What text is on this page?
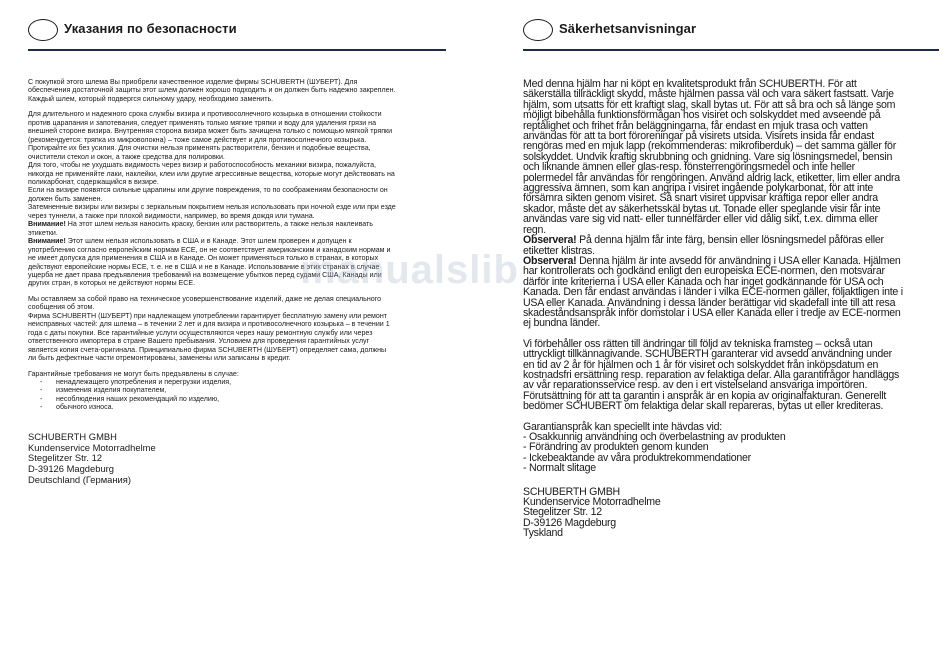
Указания по безопасности

С покупкой этого шлема Вы приобрели качественное изделие фирмы SCHUBERTH (ШУБЕРТ). Для обеспечения достаточной защиты этот шлем должен хорошо подходить и он должен быть надежно закреплен. Каждый шлем, который подвергся сильному удару, необходимо заменить.

Для длительного и надежного срока службы визира и противосолнечного козырька в отношении стойкости против царапания и запотевания, следует применять только мягкие тряпки и воду для удаления грязи на внешней стороне визира. Внутренняя сторона визира может быть зачищена только с помощью мягкой тряпки (рекомендуется: тряпка из микроволокна) – тоже самое действует и для противосолнечного козырька. Протирайте их без усилия. Для очистки нельзя применять растворители, бензин и подобные вещества, очистители стекол и окон, а также средства для полировки.

Для того, чтобы не ухудшать видимость через визир и работоспособность механики визира, пожалуйста, никогда не применяйте лаки, наклейки, клеи или другие агрессивные вещества, которые могут действовать на поликарбонат, содержащийся в визире.

Если на визире появятся сильные царапины или другие повреждения, то по соображениям безопасности он должен быть заменен.

Затемненные визиры или визиры с зеркальным покрытием нельзя использовать при ночной езде или при езде через туннели, а также при плохой видимости, например, во время дождя или тумана.

Внимание! На этот шлем нельзя наносить краску, бензин или растворитель, а также нельзя наклеивать этикетки.

Внимание! Этот шлем нельзя использовать в США и в Канаде. Этот шлем проверен и допущен к употреблению согласно европейским нормам ECE, он не соответствует американским и канадским нормам и не имеет допуска для применения в США и в Канаде. Он может применяться только в странах, в которых действуют европейские нормы ECE, т. е. не в США и не в Канаде. Использование в этих странах в случае ущерба не дает права предъявления требований на возмещение убытков перед судами США, Канады или других стран, в которых не действуют нормы ECE.

Мы оставляем за собой право на техническое усовершенствование изделий, даже не делая специального сообщения об этом.

Фирма SCHUBERTH (ШУБЕРТ) при надлежащем употреблении гарантирует бесплатную замену или ремонт неисправных частей: для шлема – в течении 2 лет и для визира и противосолнечного козырька – в течении 1 года с даты покупки. Все гарантийные услуги осуществляются через нашу ремонтную службу или через ответственного импортера в стране Вашего пребывания. Условием для проведения гарантийных услуг является копия счета-оригинала. Принципиально фирма SCHUBERTH (ШУБЕРТ) определяет сама, должны ли быть дефектные части отремонтированы, заменены или записаны в кредит.

Гарантийные требования не могут быть предъявлены в случае:

- ненадлежащего употребления и перегрузки изделия,
- изменения изделия покупателем,
- несоблюдения наших рекомендаций по изделию,
- обычного износа.
SCHUBERTH GMBH
Kundenservice Motorradhelme
Stegelitzer Str. 12
D-39126 Magdeburg
Deutschland (Германия)
Säkerhetsanvisningar

Med denna hjälm har ni köpt en kvalitetsprodukt från SCHUBERTH. För att säkerställa tillräckligt skydd, måste hjälmen passa väl och vara säkert fastsatt. Varje hjälm, som utsatts för ett kraftigt slag, skall bytas ut. För att så bra och så länge som möjligt bibehålla funktionsförmågan hos visiret och solskyddet med avseende på reptålighet och frihet från beläggningarna, får endast en mjuk trasa och vatten användas för att ta bort föroreningar på visirets utsida. Visirets insida får endast rengöras med en mjuk lapp (rekommenderas: mikrofiberduk) – det samma gäller för solskyddet. Undvik kraftig skrubbning och gnidning. Vare sig lösningsmedel, bensin och liknande ämnen eller glas-resp. fönsterrengöringsmedel och inte heller polermedel får användas för rengöringen. Använd aldrig lack, etiketter, lim eller andra aggressiva ämnen, som kan angripa i visiret ingående polykarbonat, för att inte försämra sikten genom visiret. Så snart visiret uppvisar kraftiga repor eller andra skador, måste det av säkerhetsskäl bytas ut. Tonade eller speglande visir får inte användas vare sig vid natt- eller tunnelfärder eller vid dålig sikt, t.ex. dimma eller regn.

Observera! På denna hjälm får inte färg, bensin eller lösningsmedel påföras eller etiketter klistras.

Observera! Denna hjälm är inte avsedd för användning i USA eller Kanada. Hjälmen har kontrollerats och godkänd enligt den europeiska ECE-normen, den motsvarar därför inte kriterierna i USA eller Kanada och har inget godkännande för USA och Kanada. Den får endast användas i länder i vilka ECE-normen gäller, följaktligen inte i USA eller Kanada. Användning i dessa länder berättigar vid skadefall inte till att resa skadeståndsanspråk inför domstolar i USA eller Kanada eller i tredje av ECE-normen ej bundna länder.

Vi förbehåller oss rätten till ändringar till följd av tekniska framsteg – också utan uttryckligt tillkännagivande. SCHUBERTH garanterar vid avsedd användning under en tid av 2 år för hjälmen och 1 år för visiret och solskyddet från inköpsdatum en kostnadsfri ersättning resp. reparation av felaktiga delar. Alla garantifrågor handläggs av vår reparationsservice resp. av den i ert vistelseland ansvariga importören. Förutsättning för att ta garantin i anspråk är en kopia av originalfakturan. Generellt bedömer SCHUBERT om felaktiga delar skall repareras, bytas ut eller krediteras.

Garantianspråk kan speciellt inte hävdas vid:

- Osakkunnig användning och överbelastning av produkten
- Förändring av produkten genom kunden
- Ickebeaktande av våra produktrekommendationer
- Normalt slitage
SCHUBERTH GMBH
Kundenservice Motorradhelme
Stegelitzer Str. 12
D-39126 Magdeburg
Tyskland
manualslib
